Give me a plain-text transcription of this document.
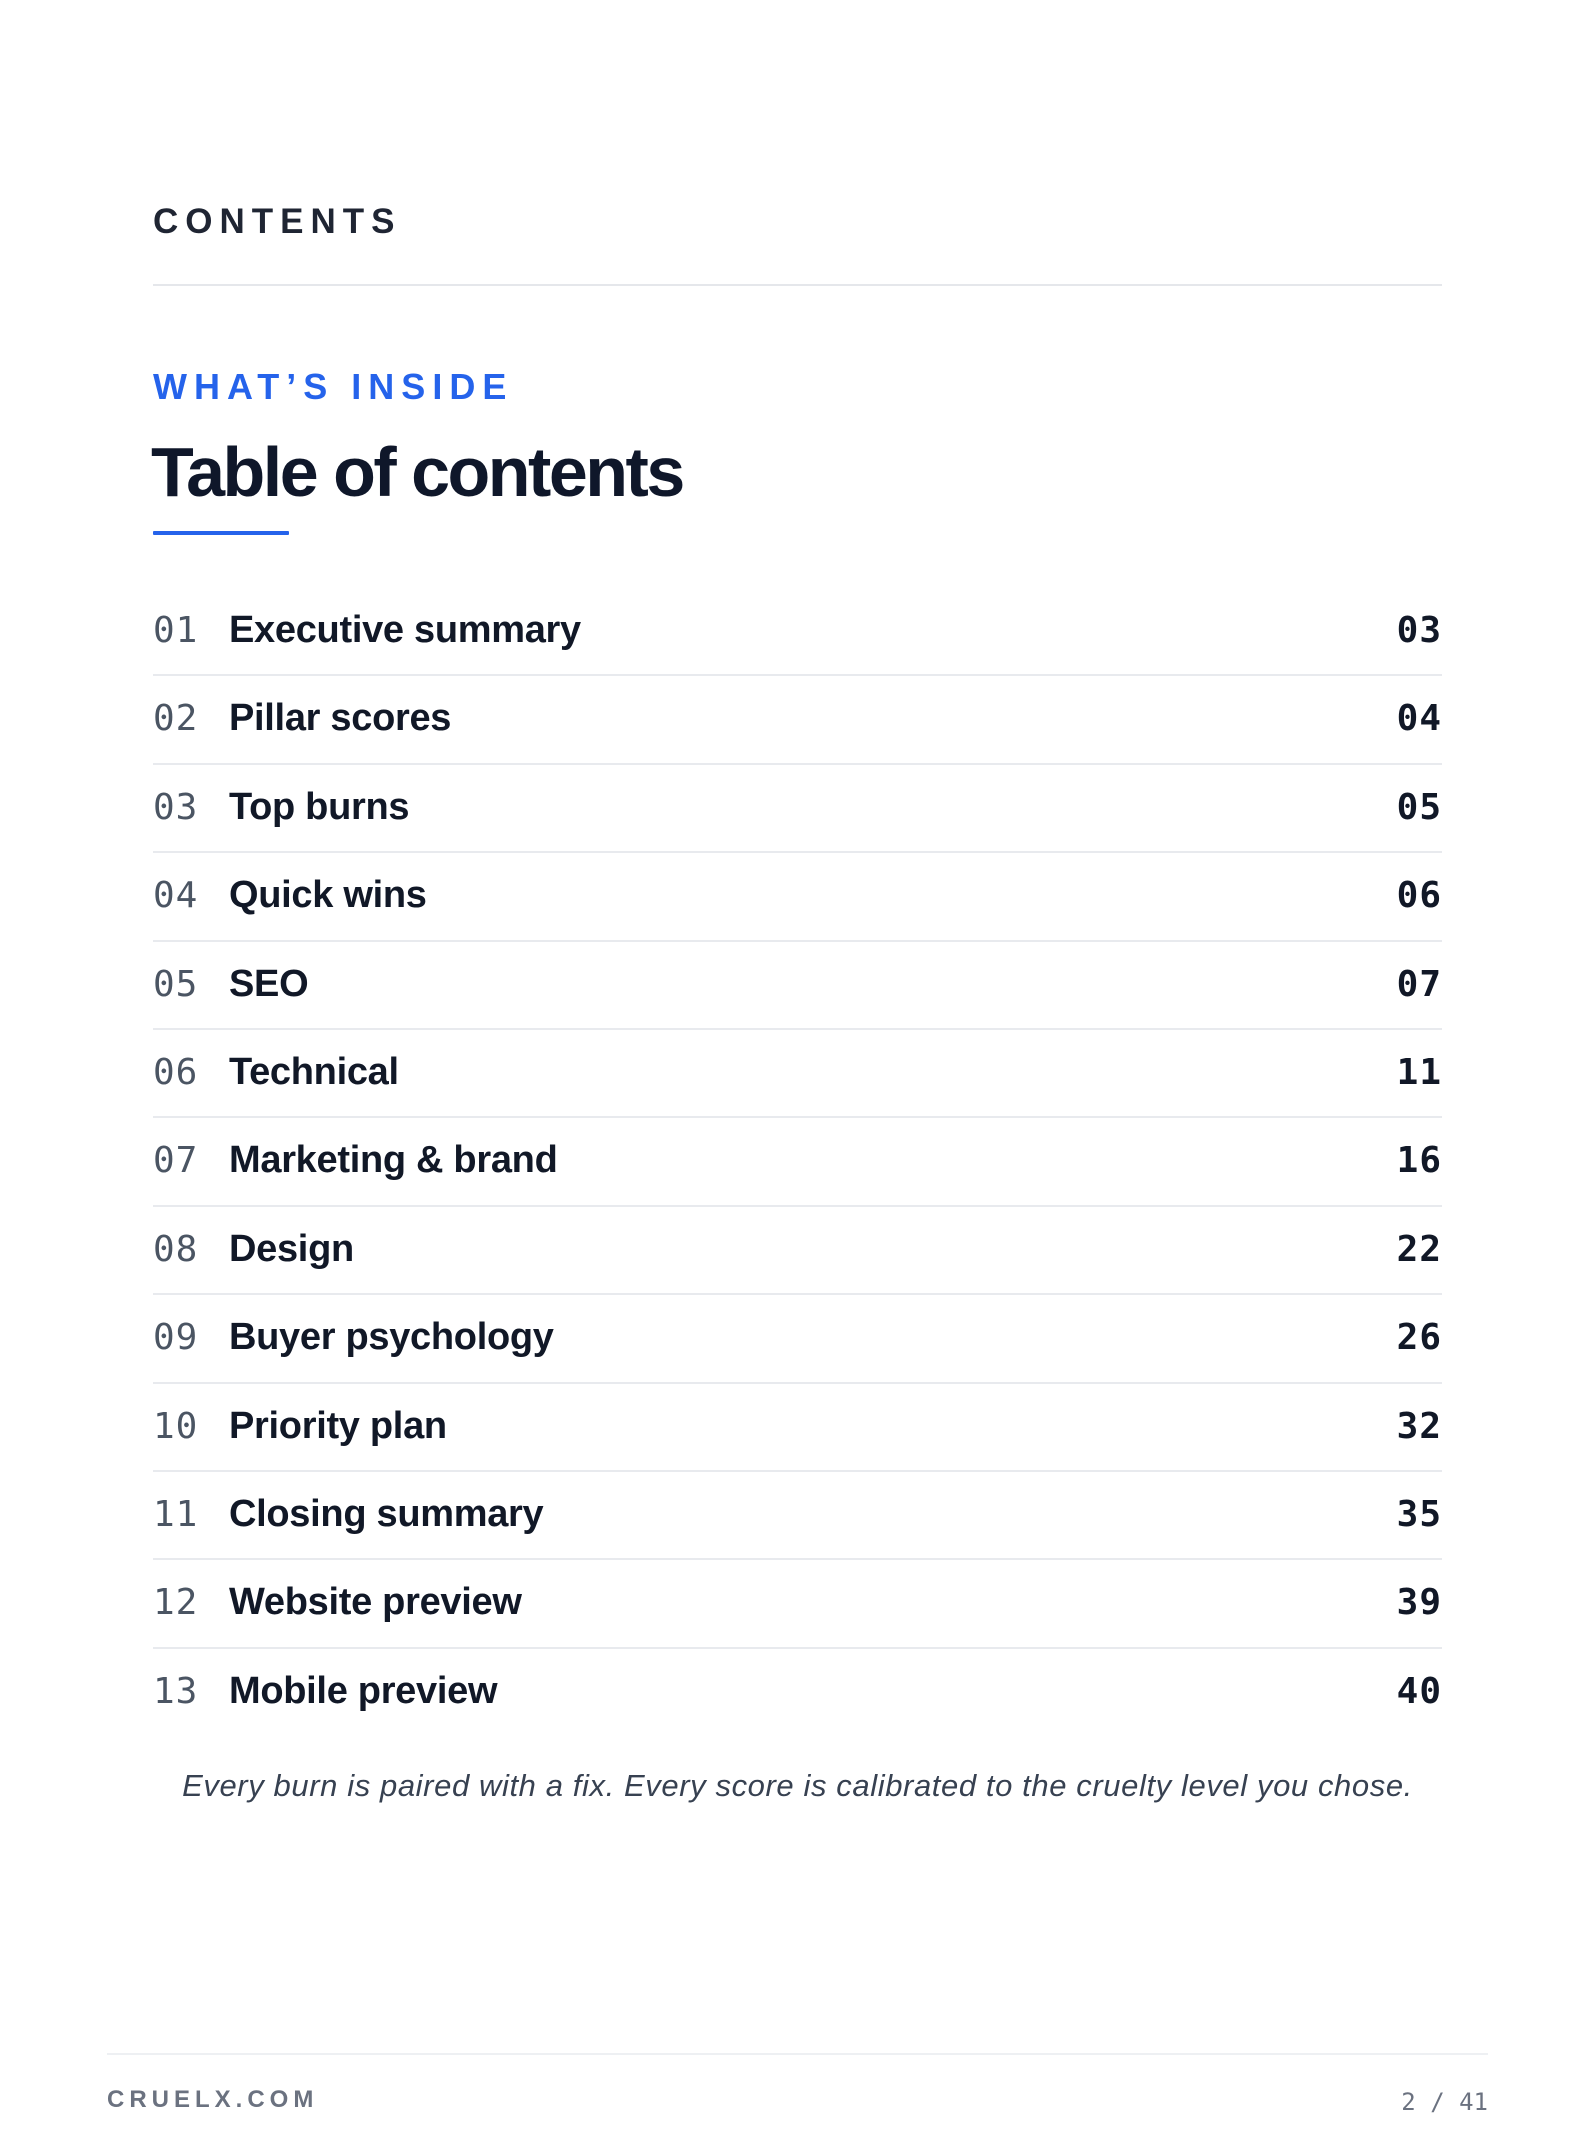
CONTENTS
WHAT’S INSIDE
Table of contents
01 Executive summary	03
02 Pillar scores	04
03 Top burns	05
04 Quick wins	06
05 SEO	07
06 Technical	11
07 Marketing & brand	16
08 Design	22
09 Buyer psychology	26
10 Priority plan	32
11 Closing summary	35
12 Website preview	39
13 Mobile preview	40
Every burn is paired with a fix. Every score is calibrated to the cruelty level you chose.
CRUELX.COM	2 / 41
